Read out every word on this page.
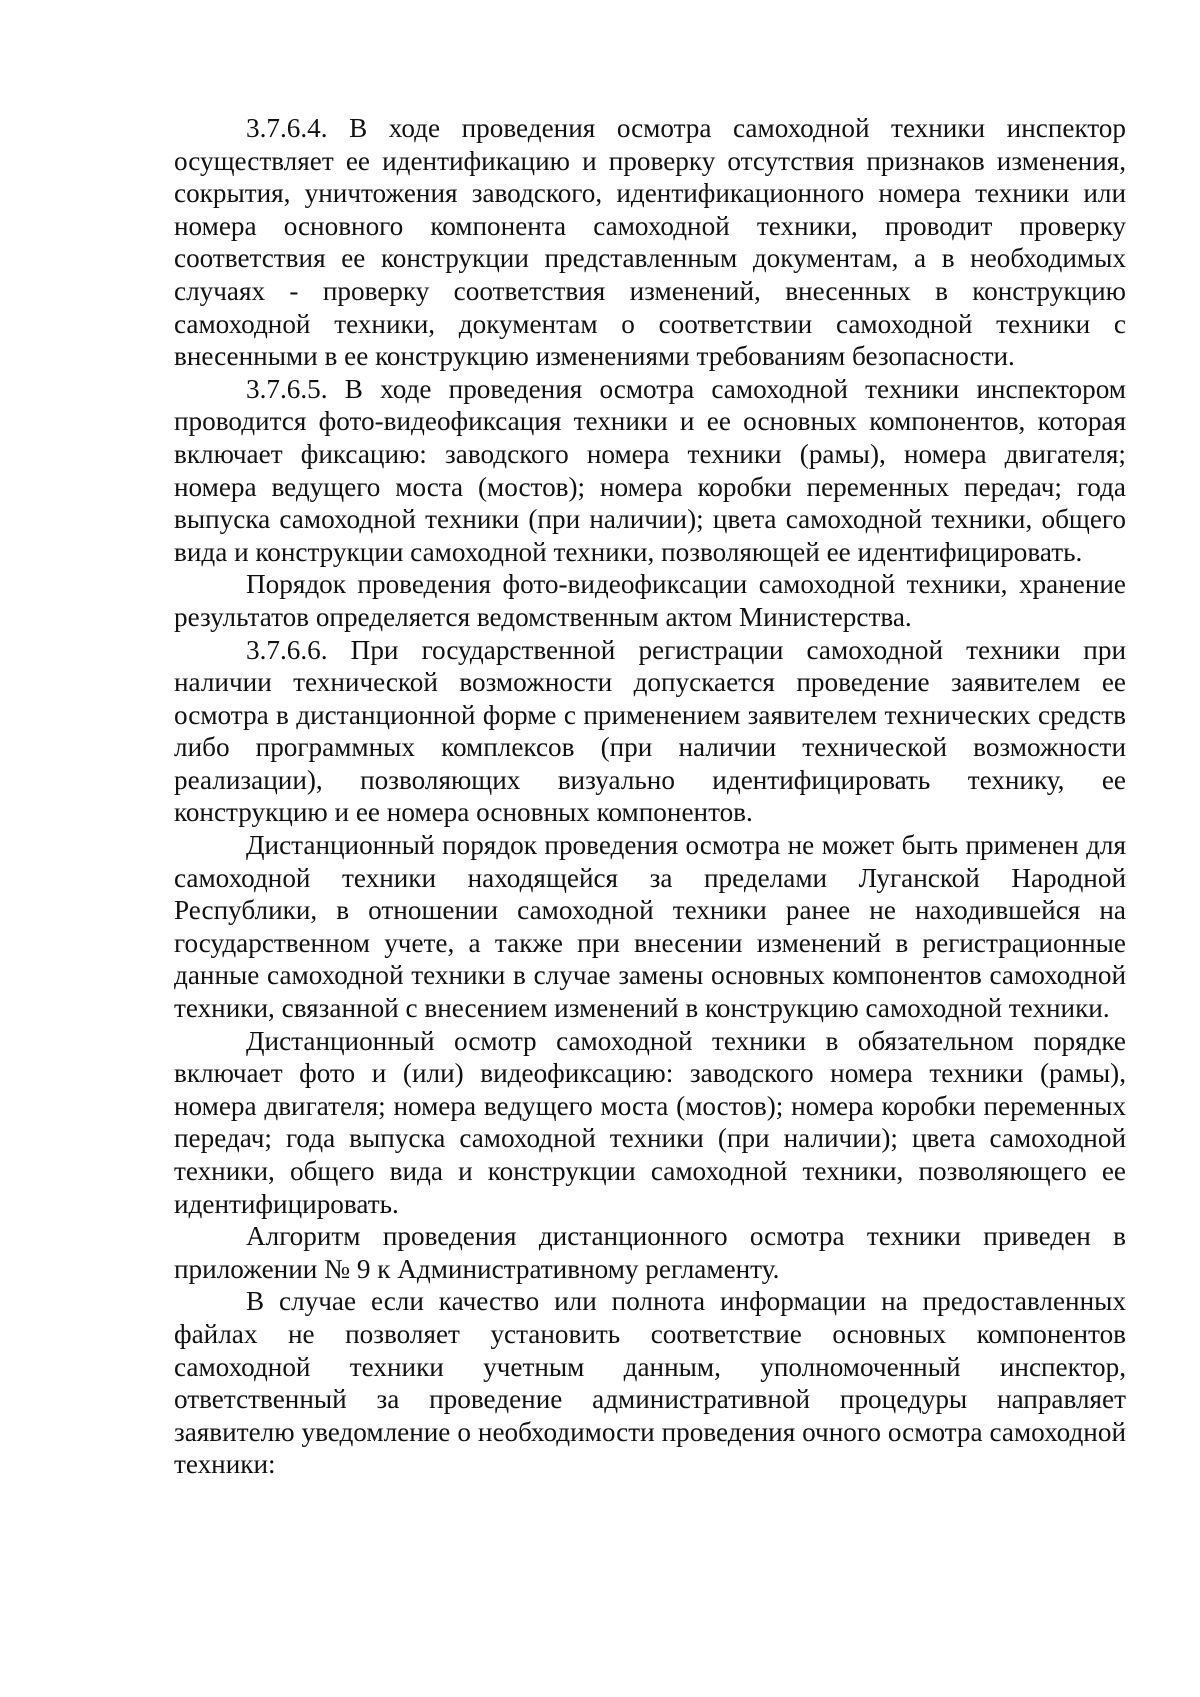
3.7.6.4. В ходе проведения осмотра самоходной техники инспектор осуществляет ее идентификацию и проверку отсутствия признаков изменения, сокрытия, уничтожения заводского, идентификационного номера техники или номера основного компонента самоходной техники, проводит проверку соответствия ее конструкции представленным документам, а в необходимых случаях - проверку соответствия изменений, внесенных в конструкцию самоходной техники, документам о соответствии самоходной техники с внесенными в ее конструкцию изменениями требованиям безопасности.

3.7.6.5. В ходе проведения осмотра самоходной техники инспектором проводится фото-видеофиксация техники и ее основных компонентов, которая включает фиксацию: заводского номера техники (рамы), номера двигателя; номера ведущего моста (мостов); номера коробки переменных передач; года выпуска самоходной техники (при наличии); цвета самоходной техники, общего вида и конструкции самоходной техники, позволяющей ее идентифицировать.

Порядок проведения фото-видеофиксации самоходной техники, хранение результатов определяется ведомственным актом Министерства.

3.7.6.6. При государственной регистрации самоходной техники при наличии технической возможности допускается проведение заявителем ее осмотра в дистанционной форме с применением заявителем технических средств либо программных комплексов (при наличии технической возможности реализации), позволяющих визуально идентифицировать технику, ее конструкцию и ее номера основных компонентов.

Дистанционный порядок проведения осмотра не может быть применен для самоходной техники находящейся за пределами Луганской Народной Республики, в отношении самоходной техники ранее не находившейся на государственном учете, а также при внесении изменений в регистрационные данные самоходной техники в случае замены основных компонентов самоходной техники, связанной с внесением изменений в конструкцию самоходной техники.

Дистанционный осмотр самоходной техники в обязательном порядке включает фото и (или) видеофиксацию: заводского номера техники (рамы), номера двигателя; номера ведущего моста (мостов); номера коробки переменных передач; года выпуска самоходной техники (при наличии); цвета самоходной техники, общего вида и конструкции самоходной техники, позволяющего ее идентифицировать.

Алгоритм проведения дистанционного осмотра техники приведен в приложении № 9 к Административному регламенту.

В случае если качество или полнота информации на предоставленных файлах не позволяет установить соответствие основных компонентов самоходной техники учетным данным, уполномоченный инспектор, ответственный за проведение административной процедуры направляет заявителю уведомление о необходимости проведения очного осмотра самоходной техники:
